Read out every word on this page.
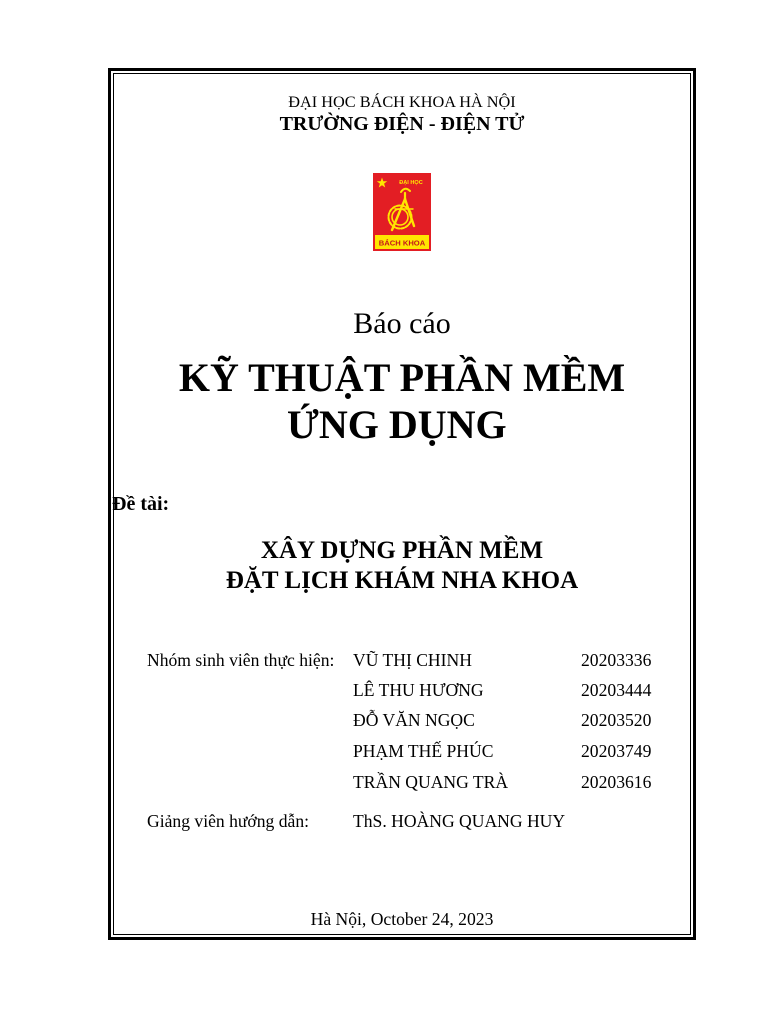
ĐẠI HỌC BÁCH KHOA HÀ NỘI
TRƯỜNG ĐIỆN - ĐIỆN TỬ
ĐẠI HỌC
BÁCH KHOA
Báo cáo
KỸ THUẬT PHẦN MỀM
ỨNG DỤNG
Đề tài:
XÂY DỰNG PHẦN MỀM
ĐẶT LỊCH KHÁM NHA KHOA
Nhóm sinh viên thực hiện: VŨ THỊ CHINH	20203336
LÊ THU HƯƠNG	20203444
ĐỖ VĂN NGỌC	20203520
PHẠM THẾ PHÚC	20203749
TRẦN QUANG TRÀ	20203616
Giảng viên hướng dẫn: ThS. HOÀNG QUANG HUY
Hà Nội, October 24, 2023
